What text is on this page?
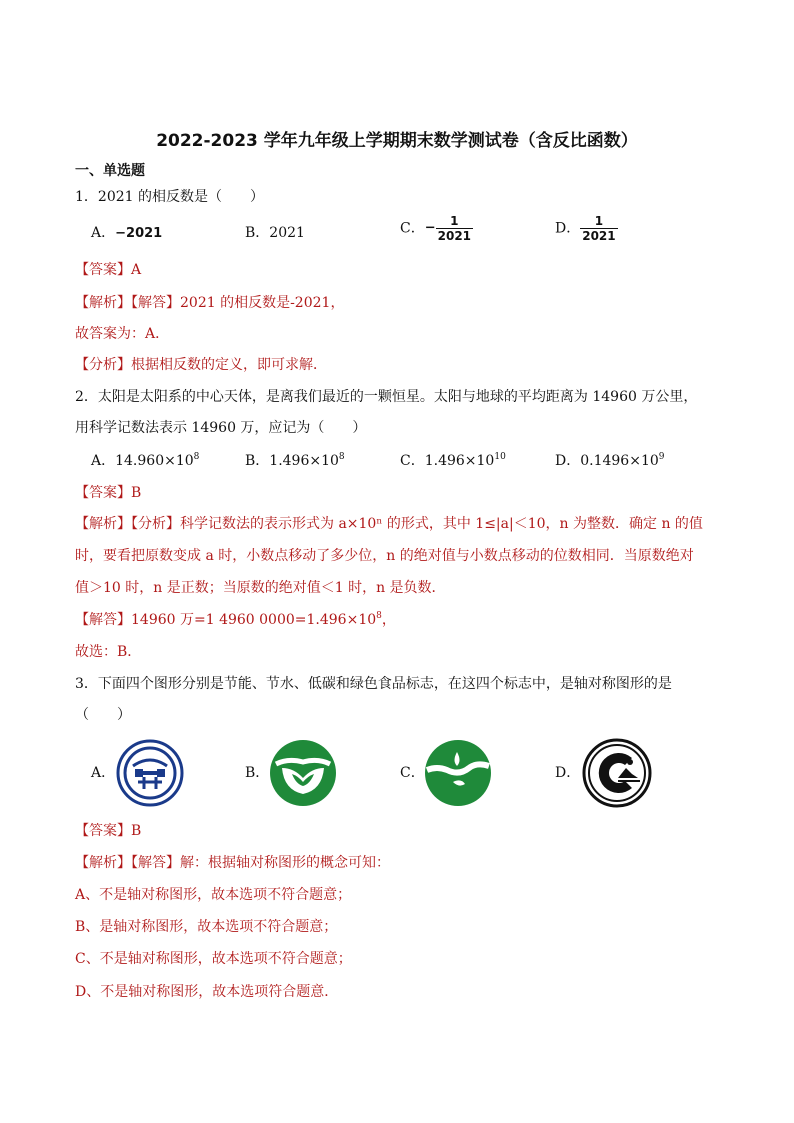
2022-2023 学年九年级上学期期末数学测试卷（含反比函数）
一、单选题
1．2021 的相反数是（　　）
A．−2021	B．2021	C．− $\frac{1}{2021}$	D． $\frac{1}{2021}$
【答案】A
【解析】【解答】2021 的相反数是-2021，
故答案为：A．
【分析】根据相反数的定义，即可求解．
2．太阳是太阳系的中心天体，是离我们最近的一颗恒星。太阳与地球的平均距离为 14960 万公里，
用科学记数法表示 14960 万，应记为（　　）
A．$14.960\times 10^8$	B．$1.496\times 10^8$	C．$1.496\times 10^{10}$	D．$0.1496\times 10^9$
【答案】B
【解析】【分析】科学记数法的表示形式为 a×10ⁿ 的形式，其中 1≤|a|＜10，n 为整数．确定 n 的值
时，要看把原数变成 a 时，小数点移动了多少位，n 的绝对值与小数点移动的位数相同．当原数绝对
值＞10 时，n 是正数；当原数的绝对值＜1 时，n 是负数．
【解答】14960 万=1 4960 $0000=1.496\times 10^8$，
故选：B．
3．下面四个图形分别是节能、节水、低碳和绿色食品标志，在这四个标志中，是轴对称图形的是
（　　）
A．	B．	C．	D．
【答案】B
【解析】【解答】解：根据轴对称图形的概念可知：
A、不是轴对称图形，故本选项不符合题意；
B、是轴对称图形，故本选项不符合题意；
C、不是轴对称图形，故本选项不符合题意；
D、不是轴对称图形，故本选项符合题意．
